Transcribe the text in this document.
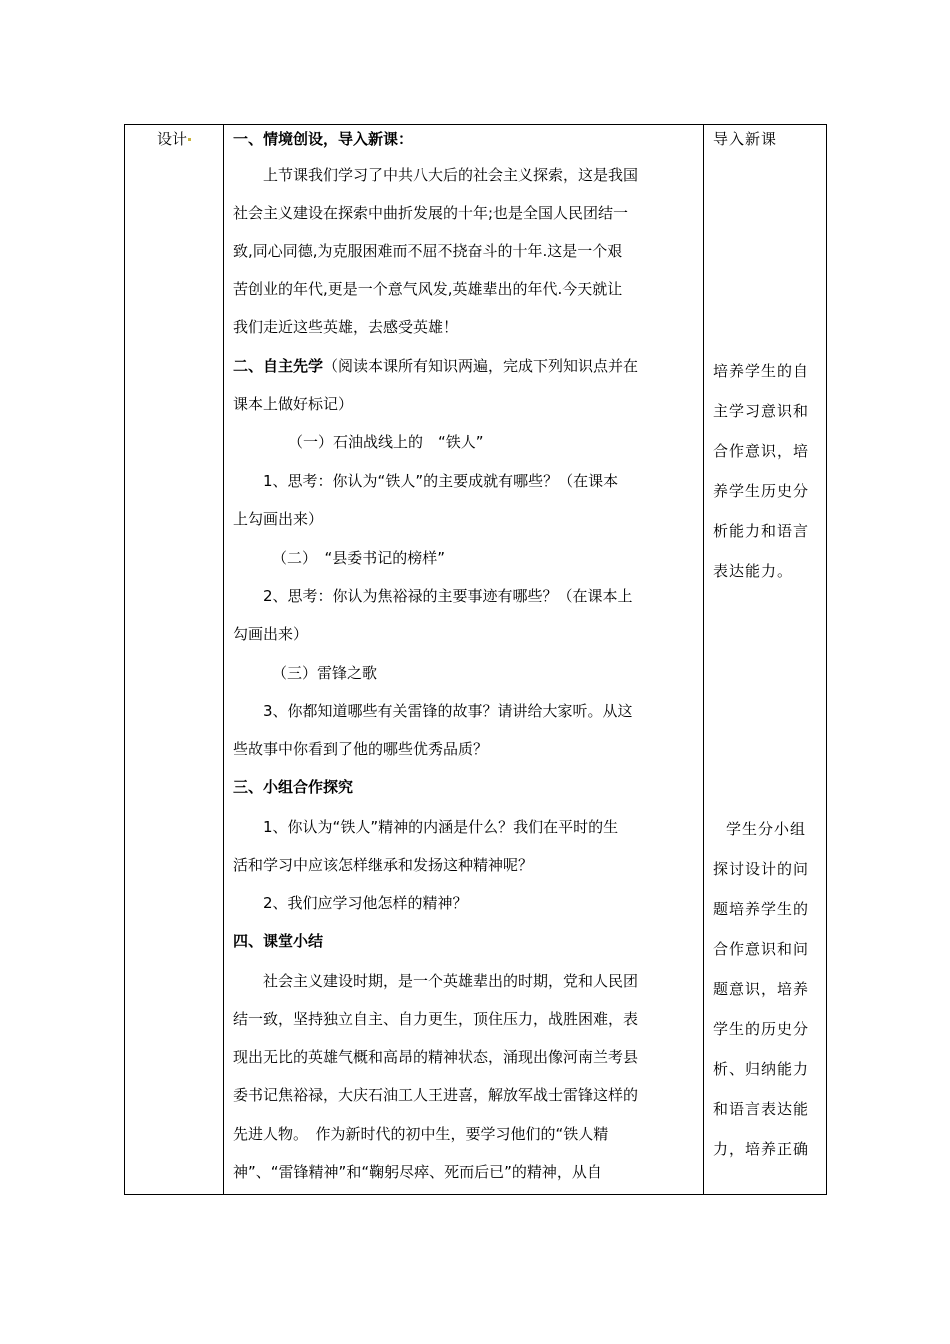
设计	一、情境创设，导入新课：
上节课我们学习了中共八大后的社会主义探索，这是我国
社会主义建设在探索中曲折发展的十年;也是全国人民团结一
致,同心同德,为克服困难而不屈不挠奋斗的十年.这是一个艰
苦创业的年代,更是一个意气风发,英雄辈出的年代.今天就让
我们走近这些英雄，去感受英雄！
二、自主先学（阅读本课所有知识两遍，完成下列知识点并在
课本上做好标记）
（一）石油战线上的　“铁人”
1、思考：你认为“铁人”的主要成就有哪些？（在课本
上勾画出来）
（二）　“县委书记的榜样”
2、思考：你认为焦裕禄的主要事迹有哪些？（在课本上
勾画出来）
（三）雷锋之歌
3、你都知道哪些有关雷锋的故事？请讲给大家听。从这
些故事中你看到了他的哪些优秀品质？
三、小组合作探究
1、你认为“铁人”精神的内涵是什么？我们在平时的生
活和学习中应该怎样继承和发扬这种精神呢？
2、我们应学习他怎样的精神？
四、课堂小结
社会主义建设时期，是一个英雄辈出的时期，党和人民团
结一致，坚持独立自主、自力更生，顶住压力，战胜困难，表
现出无比的英雄气概和高昂的精神状态，涌现出像河南兰考县
委书记焦裕禄，大庆石油工人王进喜，解放军战士雷锋这样的
先进人物。　作为新时代的初中生，要学习他们的“铁人精
神”、“雷锋精神”和“鞠躬尽瘁、死而后已”的精神，从自
导入新课
培养学生的自
主学习意识和
合作意识，培
养学生历史分
析能力和语言
表达能力。
学生分小组
探讨设计的问
题培养学生的
合作意识和问
题意识，培养
学生的历史分
析、归纳能力
和语言表达能
力，培养正确
